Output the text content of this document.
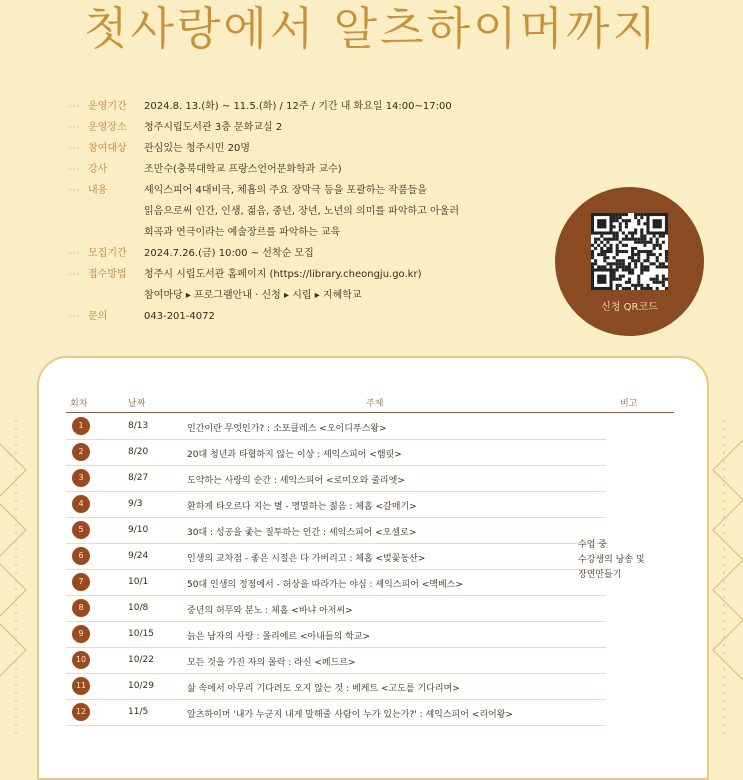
첫사랑에서 알츠하이머까지
◦◦◦ 운영기간 2024.8. 13.(화) ~ 11.5.(화) / 12주 / 기간 내 화요일 14:00~17:00
◦◦◦ 운영장소 청주시립도서관 3층 문화교실 2
◦◦◦ 참여대상 관심있는 청주시민 20명
◦◦◦ 강사	조만수(충북대학교 프랑스언어문화학과 교수)
◦◦◦ 내용	셰익스피어 4대비극, 체홉의 주요 장막극 등을 포괄하는 작품들을
읽음으로써 인간, 인생, 젊음, 중년, 장년, 노년의 의미를 파악하고 아울러
희곡과 연극이라는 예술장르를 파악하는 교육
◦◦◦ 모집기간 2024.7.26.(금) 10:00 ~ 선착순 모집
◦◦◦ 접수방법 청주시 시립도서관 홈페이지 (https://library.cheongju.go.kr)
참여마당 ▸ 프로그램안내 · 신청 ▸ 시립 ▸ 지혜학교
◦◦◦ 문의	043-201-4072
신청 QR코드
회차	날짜	주제	비고
1	8/13	인간이란 무엇인가? : 소포클레스 <오이디푸스왕>
2	8/20	20대 청년과 타협하지 않는 이상 : 셰익스피어 <햄릿>
3	8/27	도약하는 사랑의 순간 : 셰익스피어 <로미오와 줄리엣>
4	9/3	환하게 타오르다 지는 별 - 명멸하는 젊음 : 체홉 <갈매기>
5	9/10	30대 : 성공을 좇는 질투하는 인간 : 셰익스피어 <오셀로>
6	9/24	인생의 교차점 - 좋은 시절은 다 가버리고 : 체홉 <벚꽃동산>
7	10/1	50대 인생의 정점에서 - 허상을 따라가는 야심 : 셰익스피어 <맥베스>
8	10/8	중년의 허무와 분노 : 체홉 <바냐 아저씨>
9	10/15	늙은 남자의 사랑 : 몰리에르 <아내들의 학교>
10	10/22	모든 것을 가진 자의 몰락 : 라신 <페드르>
11	10/29	삶 속에서 아무리 기다려도 오지 않는 것 : 베케트 <고도를 기다리며>
12	11/5	알츠하이머 '내가 누군지 내게 말해줄 사람이 누가 있는가?' : 셰익스피어 <리어왕>
수업 중
수강생의 낭송 및
장면만들기
